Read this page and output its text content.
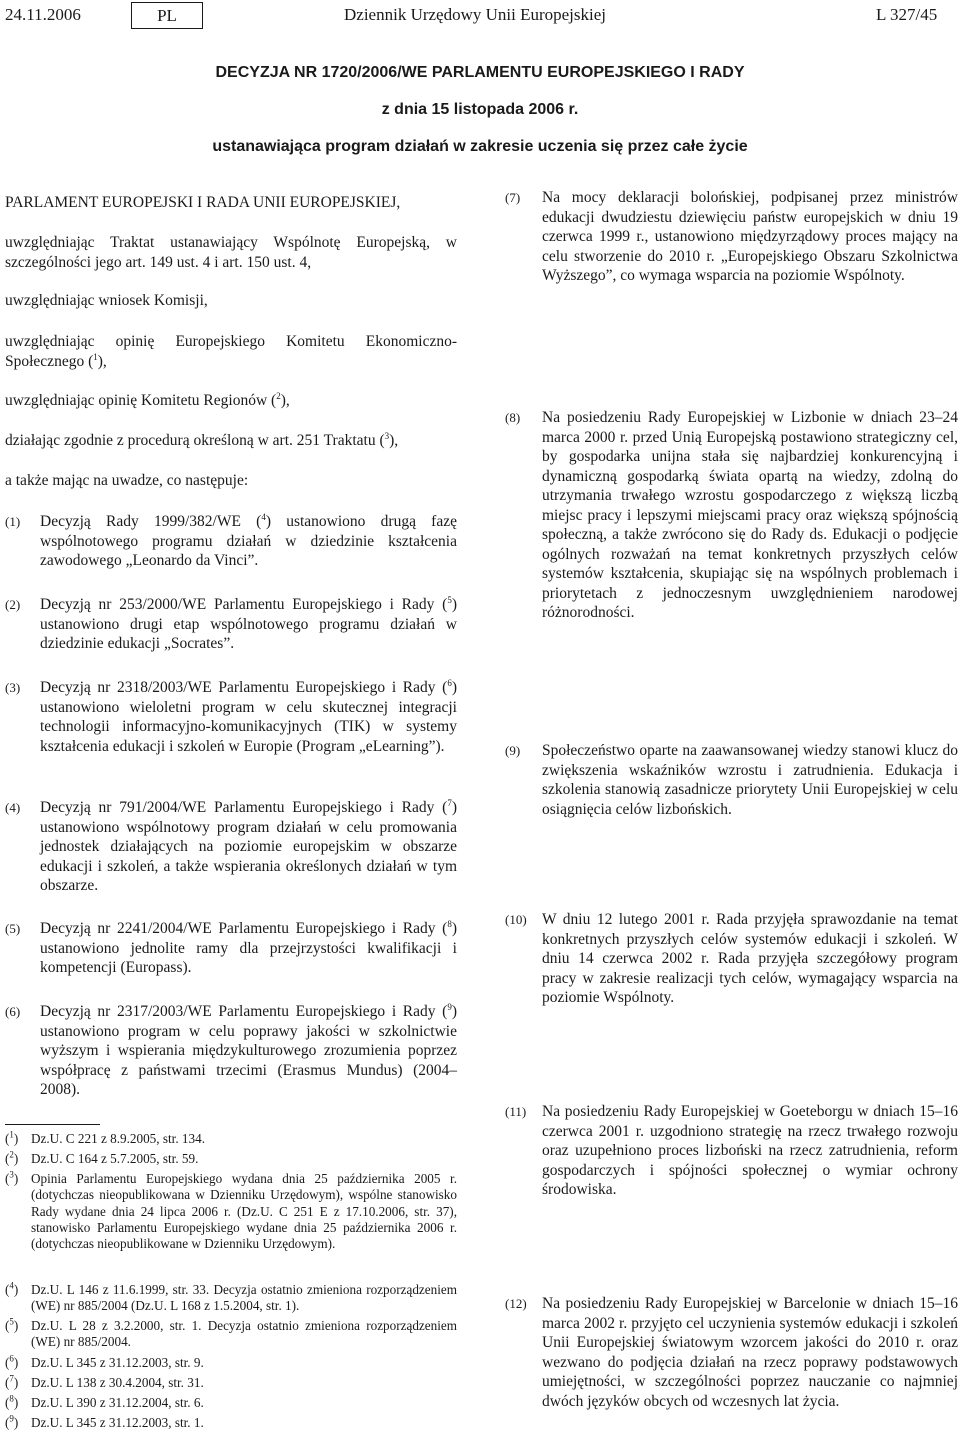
24.11.2006	PL	Dziennik Urzędowy Unii Europejskiej	L 327/45
DECYZJA NR 1720/2006/WE PARLAMENTU EUROPEJSKIEGO I RADY
z dnia 15 listopada 2006 r.
ustanawiająca program działań w zakresie uczenia się przez całe życie
PARLAMENT EUROPEJSKI I RADA UNII EUROPEJSKIEJ,
uwzględniając Traktat ustanawiający Wspólnotę Europejską, w szczególności jego art. 149 ust. 4 i art. 150 ust. 4,
uwzględniając wniosek Komisji,
uwzględniając opinię Europejskiego Komitetu Ekonomiczno-Społecznego ($^1$),
uwzględniając opinię Komitetu Regionów ($^2$),
działając zgodnie z procedurą określoną w art. 251 Traktatu ($^3$),
a także mając na uwadze, co następuje:
(1) Decyzją Rady 1999/382/WE ($^4$) ustanowiono drugą fazę wspólnotowego programu działań w dziedzinie kształcenia zawodowego „Leonardo da Vinci”.
(2) Decyzją nr 253/2000/WE Parlamentu Europejskiego i Rady ($^5$) ustanowiono drugi etap wspólnotowego programu działań w dziedzinie edukacji „Socrates”.
(3) Decyzją nr 2318/2003/WE Parlamentu Europejskiego i Rady ($^6$) ustanowiono wieloletni program w celu skutecznej integracji technologii informacyjno-komunikacyjnych (TIK) w systemy kształcenia edukacji i szkoleń w Europie (Program „eLearning”).
(4) Decyzją nr 791/2004/WE Parlamentu Europejskiego i Rady ($^7$) ustanowiono wspólnotowy program działań w celu promowania jednostek działających na poziomie europejskim w obszarze edukacji i szkoleń, a także wspierania określonych działań w tym obszarze.
(5) Decyzją nr 2241/2004/WE Parlamentu Europejskiego i Rady ($^8$) ustanowiono jednolite ramy dla przejrzystości kwalifikacji i kompetencji (Europass).
(6) Decyzją nr 2317/2003/WE Parlamentu Europejskiego i Rady ($^9$) ustanowiono program w celu poprawy jakości w szkolnictwie wyższym i wspierania międzykulturowego zrozumienia poprzez współpracę z państwami trzecimi (Erasmus Mundus) (2004–2008).
(7) Na mocy deklaracji bolońskiej, podpisanej przez ministrów edukacji dwudziestu dziewięciu państw europejskich w dniu 19 czerwca 1999 r., ustanowiono międzyrządowy proces mający na celu stworzenie do 2010 r. „Europejskiego Obszaru Szkolnictwa Wyższego”, co wymaga wsparcia na poziomie Wspólnoty.
(8) Na posiedzeniu Rady Europejskiej w Lizbonie w dniach 23–24 marca 2000 r. przed Unią Europejską postawiono strategiczny cel, by gospodarka unijna stała się najbardziej konkurencyjną i dynamiczną gospodarką świata opartą na wiedzy, zdolną do utrzymania trwałego wzrostu gospodarczego z większą liczbą miejsc pracy i lepszymi miejscami pracy oraz większą spójnością społeczną, a także zwrócono się do Rady ds. Edukacji o podjęcie ogólnych rozważań na temat konkretnych przyszłych celów systemów kształcenia, skupiając się na wspólnych problemach i priorytetach z jednoczesnym uwzględnieniem narodowej różnorodności.
(9) Społeczeństwo oparte na zaawansowanej wiedzy stanowi klucz do zwiększenia wskaźników wzrostu i zatrudnienia. Edukacja i szkolenia stanowią zasadnicze priorytety Unii Europejskiej w celu osiągnięcia celów lizbońskich.
(10) W dniu 12 lutego 2001 r. Rada przyjęła sprawozdanie na temat konkretnych przyszłych celów systemów edukacji i szkoleń. W dniu 14 czerwca 2002 r. Rada przyjęła szczegółowy program pracy w zakresie realizacji tych celów, wymagający wsparcia na poziomie Wspólnoty.
(11) Na posiedzeniu Rady Europejskiej w Goeteborgu w dniach 15–16 czerwca 2001 r. uzgodniono strategię na rzecz trwałego rozwoju oraz uzupełniono proces lizboński na rzecz zatrudnienia, reform gospodarczych i spójności społecznej o wymiar ochrony środowiska.
(12) Na posiedzeniu Rady Europejskiej w Barcelonie w dniach 15–16 marca 2002 r. przyjęto cel uczynienia systemów edukacji i szkoleń Unii Europejskiej światowym wzorcem jakości do 2010 r. oraz wezwano do podjęcia działań na rzecz poprawy podstawowych umiejętności, w szczególności poprzez nauczanie co najmniej dwóch języków obcych od wczesnych lat życia.
($^1$) Dz.U. C 221 z 8.9.2005, str. 134.
($^2$) Dz.U. C 164 z 5.7.2005, str. 59.
($^3$) Opinia Parlamentu Europejskiego wydana dnia 25 października 2005 r. (dotychczas nieopublikowana w Dzienniku Urzędowym), wspólne stanowisko Rady wydane dnia 24 lipca 2006 r. (Dz.U. C 251 E z 17.10.2006, str. 37), stanowisko Parlamentu Europejskiego wydane dnia 25 października 2006 r. (dotychczas nieopublikowane w Dzienniku Urzędowym).
($^4$) Dz.U. L 146 z 11.6.1999, str. 33. Decyzja ostatnio zmieniona rozporządzeniem (WE) nr 885/2004 (Dz.U. L 168 z 1.5.2004, str. 1).
($^5$) Dz.U. L 28 z 3.2.2000, str. 1. Decyzja ostatnio zmieniona rozporządzeniem (WE) nr 885/2004.
($^6$) Dz.U. L 345 z 31.12.2003, str. 9.
($^7$) Dz.U. L 138 z 30.4.2004, str. 31.
($^8$) Dz.U. L 390 z 31.12.2004, str. 6.
($^9$) Dz.U. L 345 z 31.12.2003, str. 1.
